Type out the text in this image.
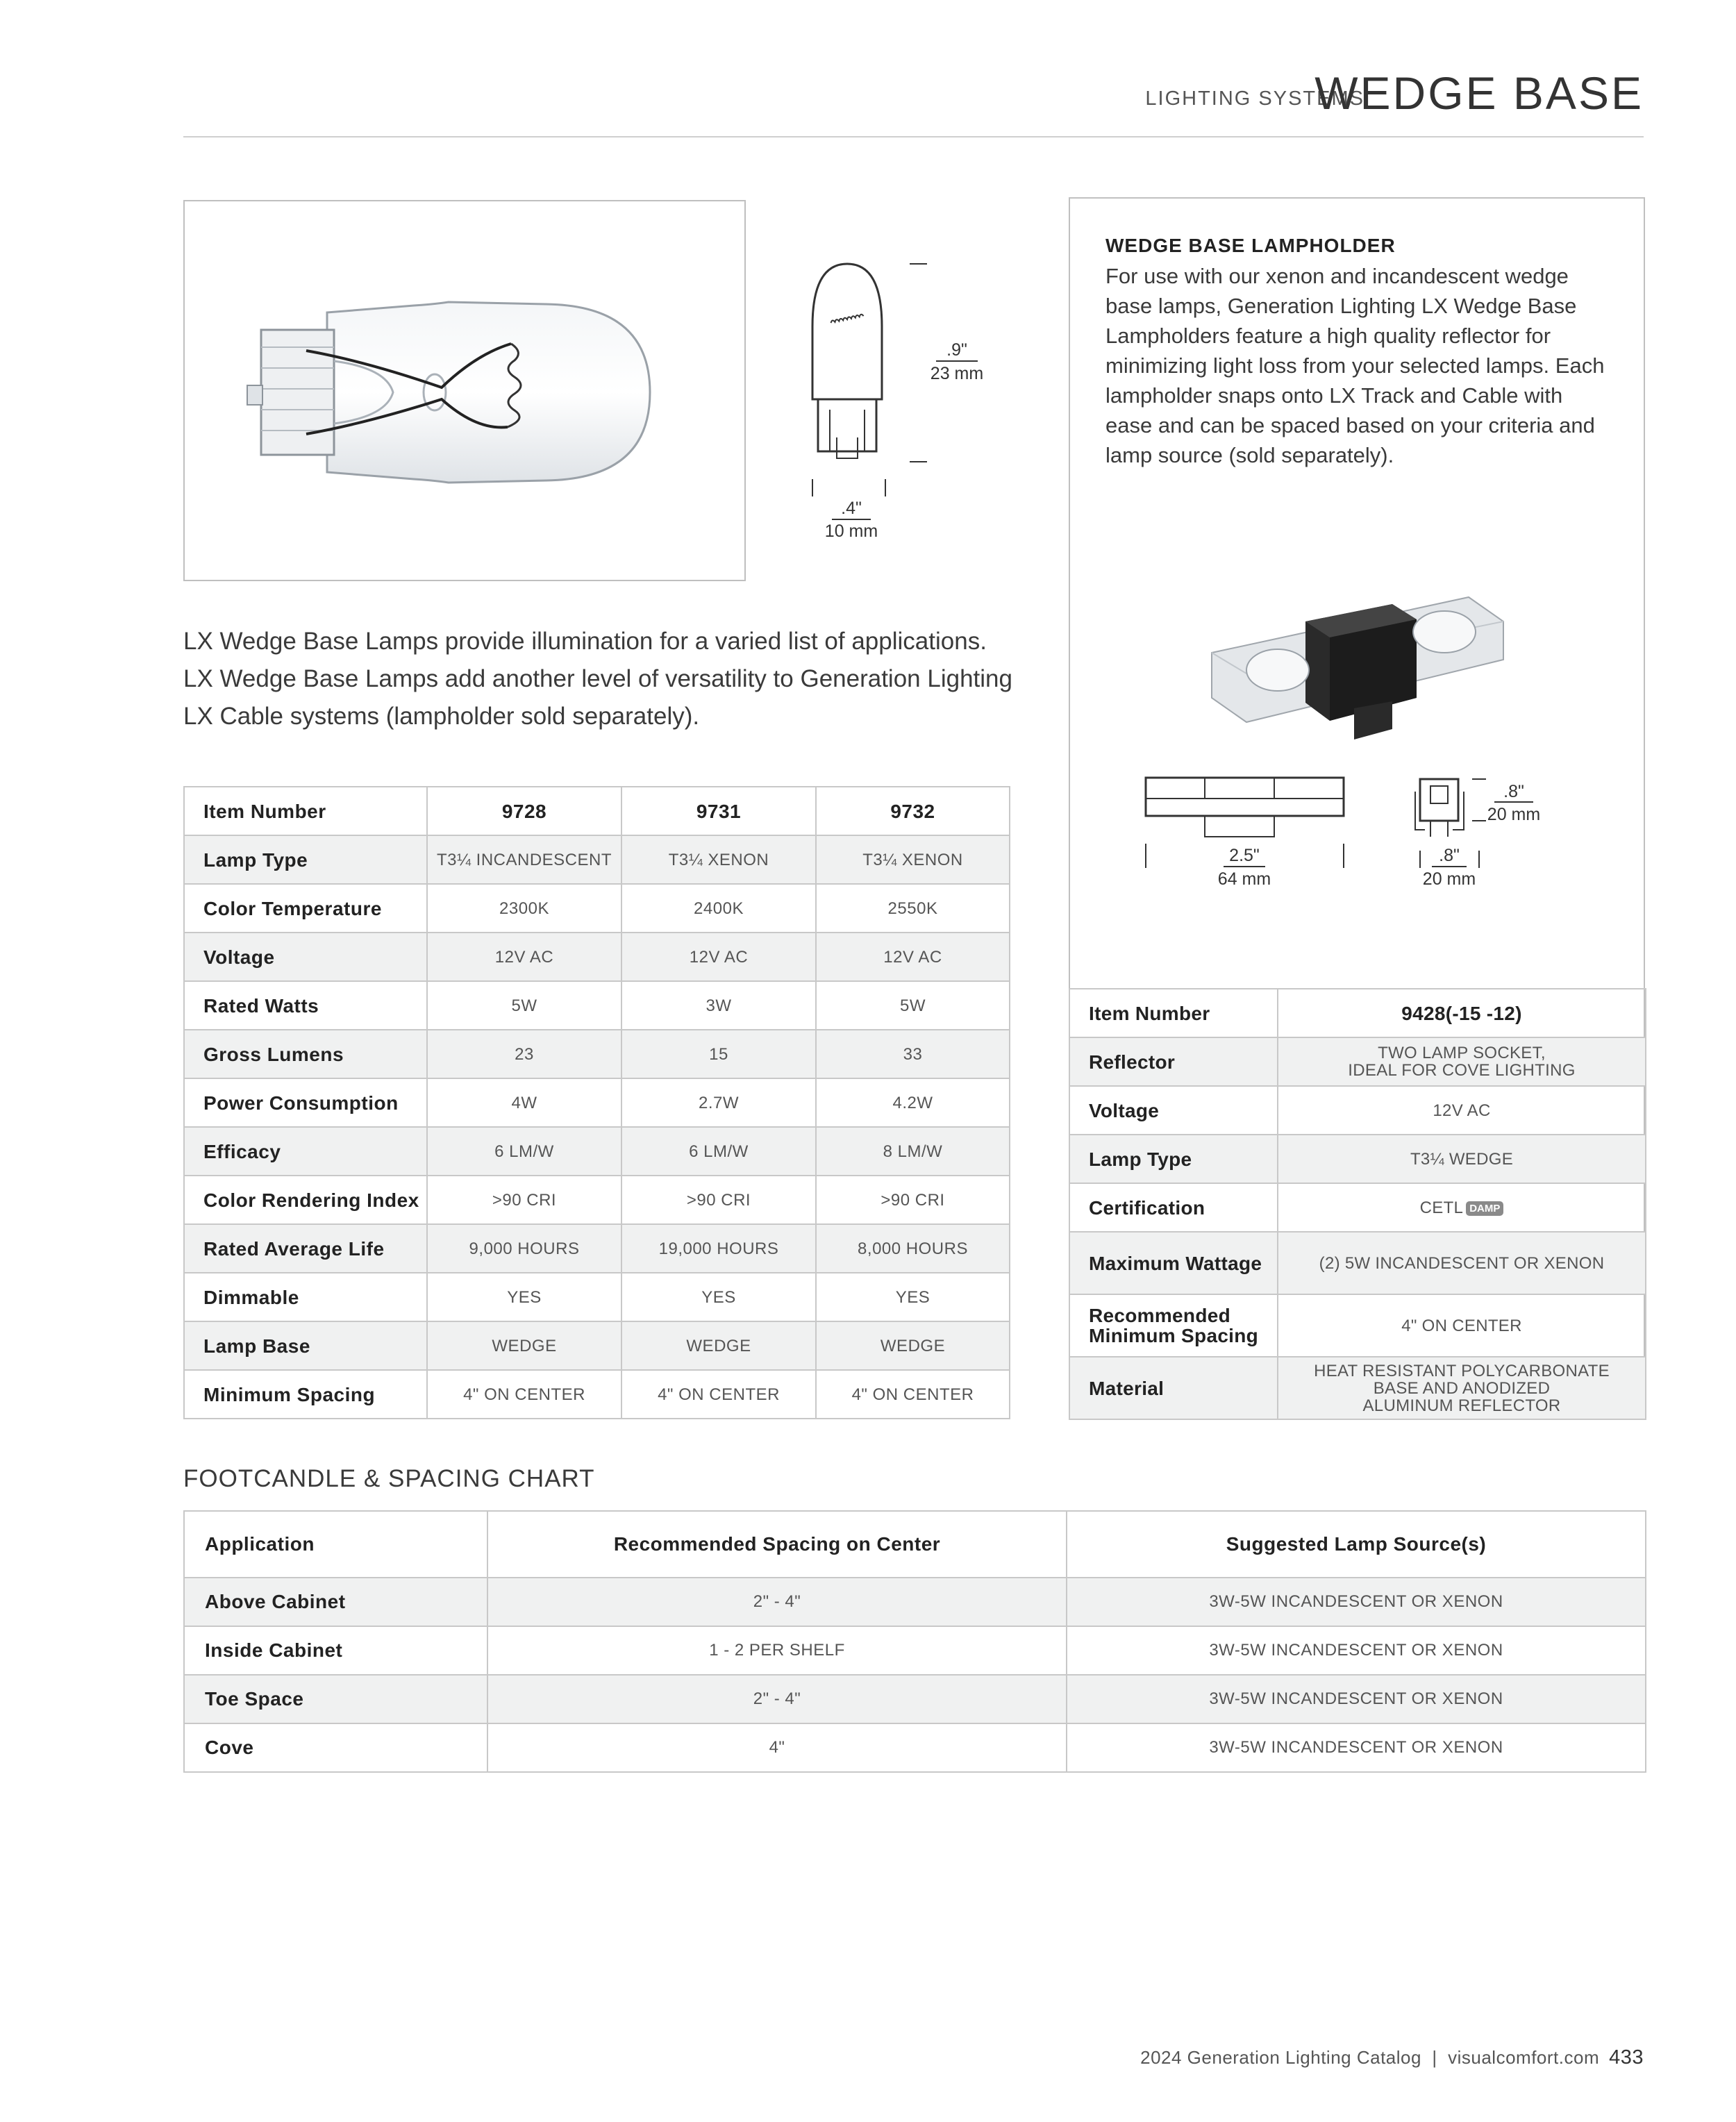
LIGHTING SYSTEMS
WEDGE BASE
.9"
23 mm
.4"
10 mm
LX Wedge Base Lamps provide illumination for a varied list of applications. LX Wedge Base Lamps add another level of versatility to Generation Lighting LX Cable systems (lampholder sold separately).
Item Number	9728	9731	9732
Lamp Type	T3¼ INCANDESCENT	T3¼ XENON	T3¼ XENON
Color Temperature	2300K	2400K	2550K
Voltage	12V AC	12V AC	12V AC
Rated Watts	5W	3W	5W
Gross Lumens	23	15	33
Power Consumption	4W	2.7W	4.2W
Efficacy	6 LM/W	6 LM/W	8 LM/W
Color Rendering Index	>90 CRI	>90 CRI	>90 CRI
Rated Average Life	9,000 HOURS	19,000 HOURS	8,000 HOURS
Dimmable	YES	YES	YES
Lamp Base	WEDGE	WEDGE	WEDGE
Minimum Spacing	4" ON CENTER	4" ON CENTER	4" ON CENTER
WEDGE BASE LAMPHOLDER
For use with our xenon and incandescent wedge base lamps, Generation Lighting LX Wedge Base Lampholders feature a high quality reflector for minimizing light loss from your selected lamps. Each lampholder snaps onto LX Track and Cable with ease and can be spaced based on your criteria and lamp source (sold separately).
2.5"
64 mm
.8"
20 mm
.8"
20 mm
Item Number	9428(-15 -12)
Reflector	TWO LAMP SOCKET,
IDEAL FOR COVE LIGHTING
Voltage	12V AC
Lamp Type	T3¼ WEDGE
Certification	CETL DAMP
Maximum Wattage	(2) 5W INCANDESCENT OR XENON
Recommended Minimum Spacing	4" ON CENTER
Material	HEAT RESISTANT POLYCARBONATE
BASE AND ANODIZED
ALUMINUM REFLECTOR
FOOTCANDLE & SPACING CHART
Application	Recommended Spacing on Center	Suggested Lamp Source(s)
Above Cabinet	2" - 4"	3W-5W INCANDESCENT OR XENON
Inside Cabinet	1 - 2 PER SHELF	3W-5W INCANDESCENT OR XENON
Toe Space	2" - 4"	3W-5W INCANDESCENT OR XENON
Cove	4"	3W-5W INCANDESCENT OR XENON
2024 Generation Lighting Catalog  |  visualcomfort.com 433
